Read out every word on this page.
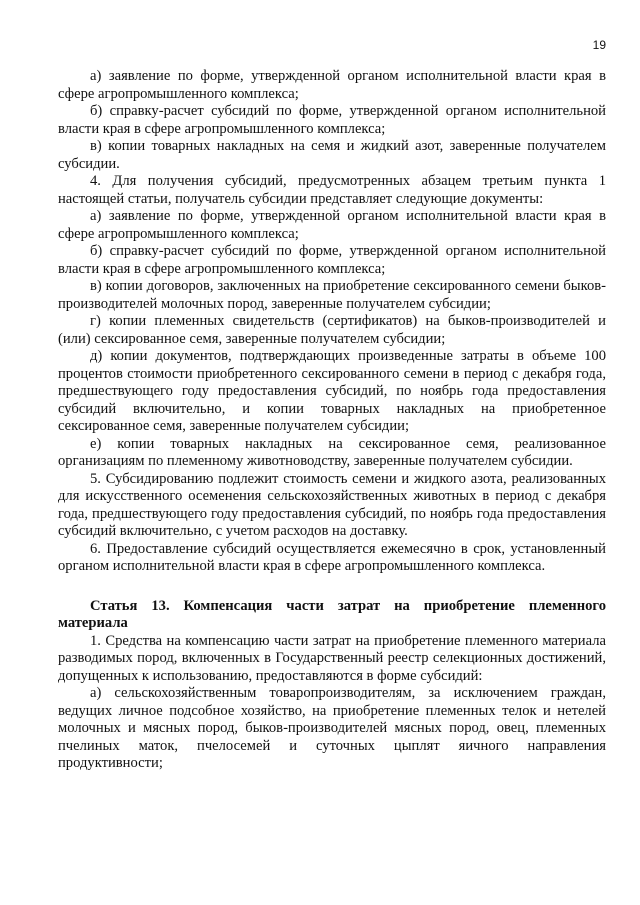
19

а) заявление по форме, утвержденной органом исполнительной власти края в сфере агропромышленного комплекса;

б) справку-расчет субсидий по форме, утвержденной органом исполнительной власти края в сфере агропромышленного комплекса;

в) копии товарных накладных на семя и жидкий азот, заверенные получателем субсидии.

4. Для получения субсидий, предусмотренных абзацем третьим пункта 1 настоящей статьи, получатель субсидии представляет следующие документы:

а) заявление по форме, утвержденной органом исполнительной власти края в сфере агропромышленного комплекса;

б) справку-расчет субсидий по форме, утвержденной органом исполнительной власти края в сфере агропромышленного комплекса;

в) копии договоров, заключенных на приобретение сексированного семени быков-производителей молочных пород, заверенные получателем субсидии;

г) копии племенных свидетельств (сертификатов) на быков-производителей и (или) сексированное семя, заверенные получателем субсидии;

д) копии документов, подтверждающих произведенные затраты в объеме 100 процентов стоимости приобретенного сексированного семени в период с декабря года, предшествующего году предоставления субсидий, по ноябрь года предоставления субсидий включительно, и копии товарных накладных на приобретенное сексированное семя, заверенные получателем субсидии;

е) копии товарных накладных на сексированное семя, реализованное организациям по племенному животноводству, заверенные получателем субсидии.

5. Субсидированию подлежит стоимость семени и жидкого азота, реализованных для искусственного осеменения сельскохозяйственных животных в период с декабря года, предшествующего году предоставления субсидий, по ноябрь года предоставления субсидий включительно, с учетом расходов на доставку.

6. Предоставление субсидий осуществляется ежемесячно в срок, установленный органом исполнительной власти края в сфере агропромышленного комплекса.

Статья 13. Компенсация части затрат на приобретение племенного материала

1. Средства на компенсацию части затрат на приобретение племенного материала разводимых пород, включенных в Государственный реестр селекционных достижений, допущенных к использованию, предоставляются в форме субсидий:

а) сельскохозяйственным товаропроизводителям, за исключением граждан, ведущих личное подсобное хозяйство, на приобретение племенных телок и нетелей молочных и мясных пород, быков-производителей мясных пород, овец, племенных пчелиных маток, пчелосемей и суточных цыплят яичного направления продуктивности;
